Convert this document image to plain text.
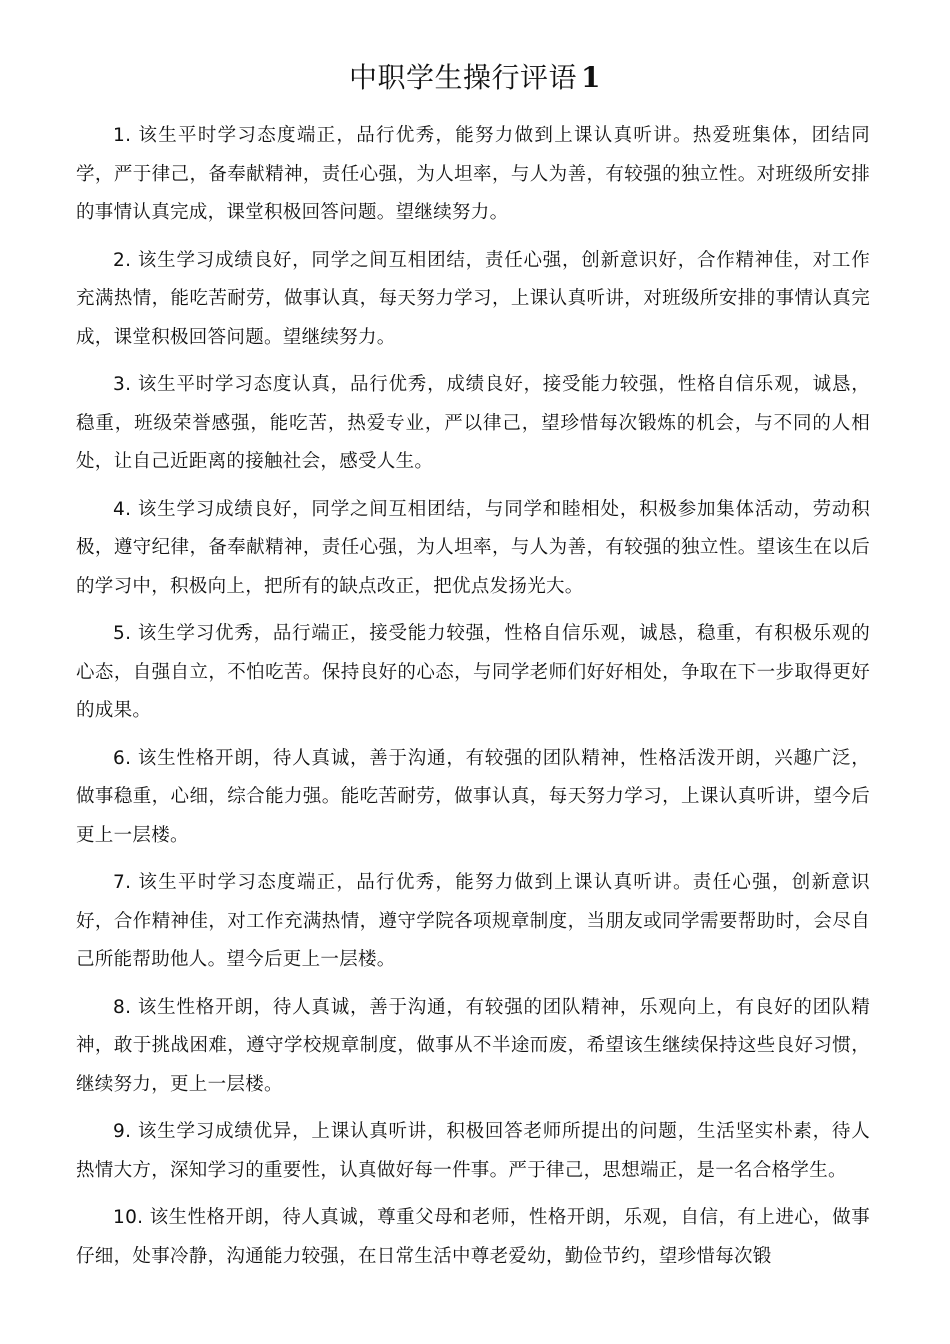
中职学生操行评语 1

1. 该生平时学习态度端正，品行优秀，能努力做到上课认真听讲。热爱班集体，团结同学，严于律己，备奉献精神，责任心强，为人坦率，与人为善，有较强的独立性。对班级所安排的事情认真完成，课堂积极回答问题。望继续努力。

2. 该生学习成绩良好，同学之间互相团结，责任心强，创新意识好，合作精神佳，对工作充满热情，能吃苦耐劳，做事认真，每天努力学习，上课认真听讲，对班级所安排的事情认真完成，课堂积极回答问题。望继续努力。

3. 该生平时学习态度认真，品行优秀，成绩良好，接受能力较强，性格自信乐观，诚恳，稳重，班级荣誉感强，能吃苦，热爱专业，严以律己，望珍惜每次锻炼的机会，与不同的人相处，让自己近距离的接触社会，感受人生。

4. 该生学习成绩良好，同学之间互相团结，与同学和睦相处，积极参加集体活动，劳动积极，遵守纪律，备奉献精神，责任心强，为人坦率，与人为善，有较强的独立性。望该生在以后的学习中，积极向上，把所有的缺点改正，把优点发扬光大。

5. 该生学习优秀，品行端正，接受能力较强，性格自信乐观，诚恳，稳重，有积极乐观的心态，自强自立，不怕吃苦。保持良好的心态，与同学老师们好好相处，争取在下一步取得更好的成果。

6. 该生性格开朗，待人真诚，善于沟通，有较强的团队精神，性格活泼开朗，兴趣广泛，做事稳重，心细，综合能力强。能吃苦耐劳，做事认真，每天努力学习，上课认真听讲，望今后更上一层楼。

7. 该生平时学习态度端正，品行优秀，能努力做到上课认真听讲。责任心强，创新意识好，合作精神佳，对工作充满热情，遵守学院各项规章制度，当朋友或同学需要帮助时，会尽自己所能帮助他人。望今后更上一层楼。

8. 该生性格开朗，待人真诚，善于沟通，有较强的团队精神，乐观向上，有良好的团队精神，敢于挑战困难，遵守学校规章制度，做事从不半途而废，希望该生继续保持这些良好习惯，继续努力，更上一层楼。

9. 该生学习成绩优异，上课认真听讲，积极回答老师所提出的问题，生活坚实朴素，待人热情大方，深知学习的重要性，认真做好每一件事。严于律己，思想端正，是一名合格学生。

10. 该生性格开朗，待人真诚，尊重父母和老师，性格开朗，乐观，自信，有上进心，做事仔细，处事冷静，沟通能力较强，在日常生活中尊老爱幼，勤俭节约，望珍惜每次锻
